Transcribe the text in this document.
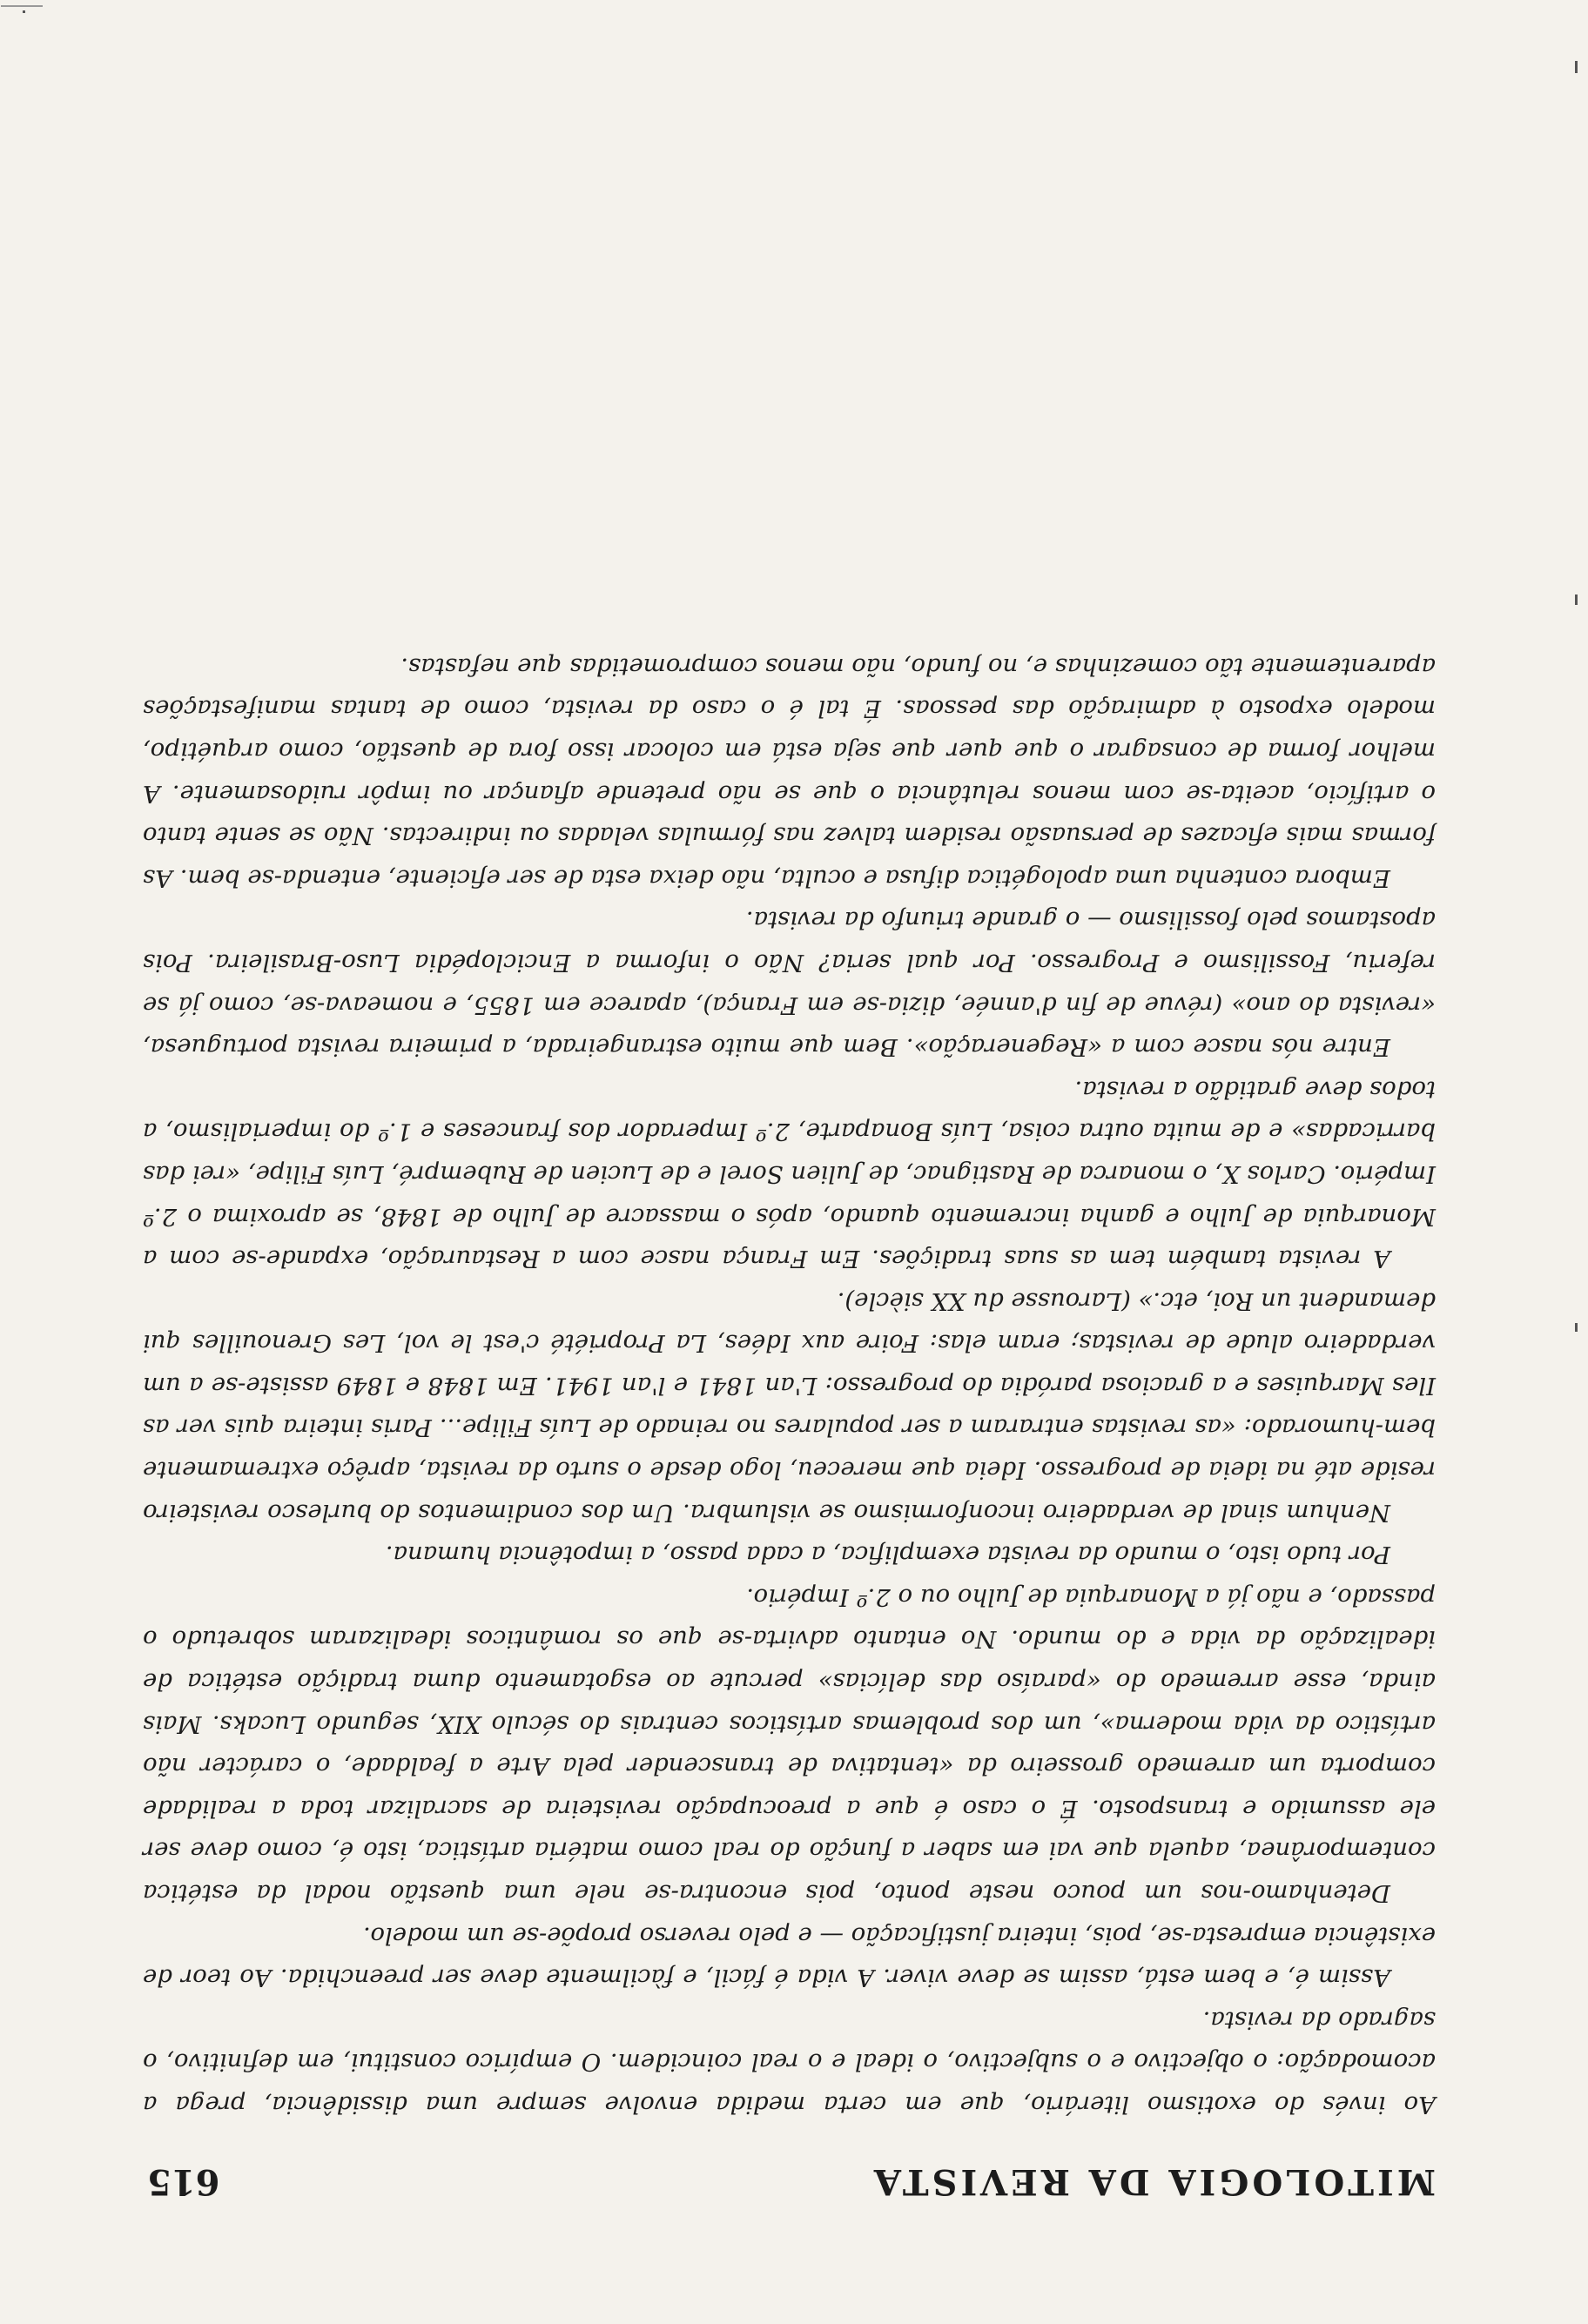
MITOLOGIA DA REVISTA
615

Ao invés do exotismo literário, que em certa medida envolve sempre uma dissidência, prega a acomodação: o objectivo e o subjectivo, o ideal e o real coincidem. O empírico constitui, em definitivo, o sagrado da revista.

Assim é, e bem está, assim se deve viver. A vida é fácil, e fàcilmente deve ser preenchida. Ao teor de existência empresta-se, pois, inteira justificação — e pelo reverso propõe-se um modelo.

Detenhamo-nos um pouco neste ponto, pois encontra-se nele uma questão nodal da estética contemporânea, aquela que vai em saber a função do real como matéria artística, isto é, como deve ser ele assumido e transposto. É o caso é que a preocupação revisteira de sacralizar toda a realidade comporta um arremedo grosseiro da «tentativa de transcender pela Arte a fealdade, o carácter não artístico da vida moderna», um dos problemas artísticos centrais do século XIX, segundo Lucaks. Mais ainda, esse arremedo do «paraíso das delícias» percute ao esgotamento duma tradição estética de idealização da vida e do mundo. No entanto advirta-se que os românticos idealizaram sobretudo o passado, e não já a Monarquia de Julho ou o 2.º Império.

Por tudo isto, o mundo da revista exemplifica, a cada passo, a impotência humana.

Nenhum sinal de verdadeiro inconformismo se vislumbra. Um dos condimentos do burlesco revisteiro reside até na ideia de progresso. Ideia que mereceu, logo desde o surto da revista, aprêço extremamente bem-humorado: «as revistas entraram a ser populares no reinado de Luís Filipe... Paris inteira quis ver as Iles Marquises e a graciosa paródia do progresso: L'an 1841 e l'an 1941. Em 1848 e 1849 assiste-se a um verdadeiro alude de revistas; eram elas: Foire aux Idées, La Propriété c'est le vol, Les Grenouilles qui demandent un Roi, etc.» (Larousse du XX siècle).

A revista também tem as suas tradições. Em França nasce com a Restauração, expande-se com a Monarquia de Julho e ganha incremento quando, após o massacre de Julho de 1848, se aproxima o 2.º Império. Carlos X, o monarca de Rastignac, de Julien Sorel e de Lucien de Rubempré, Luís Filipe, «rei das barricadas» e de muita outra coisa, Luís Bonaparte, 2.º Imperador dos franceses e 1.º do imperialismo, a todos deve gratidão a revista.

Entre nós nasce com a «Regeneração». Bem que muito estrangeirada, a primeira revista portuguesa, «revista do ano» (révue de fin d'année, dizia-se em França), aparece em 1855, e nomeava-se, como já se referiu, Fossilismo e Progresso. Por qual seria? Não o informa a Enciclopédia Luso-Brasileira. Pois apostamos pelo fossilismo — o grande triunfo da revista.

Embora contenha uma apologética difusa e oculta, não deixa esta de ser eficiente, entenda-se bem. As formas mais eficazes de persuasão residem talvez nas fórmulas veladas ou indirectas. Não se sente tanto o artifício, aceita-se com menos relutância o que se não pretende afiançar ou impôr ruidosamente. A melhor forma de consagrar o que quer que seja está em colocar isso fora de questão, como arquétipo, modelo exposto à admiração das pessoas. É tal é o caso da revista, como de tantas manifestações aparentemente tão comezinhas e, no fundo, não menos comprometidas que nefastas.
